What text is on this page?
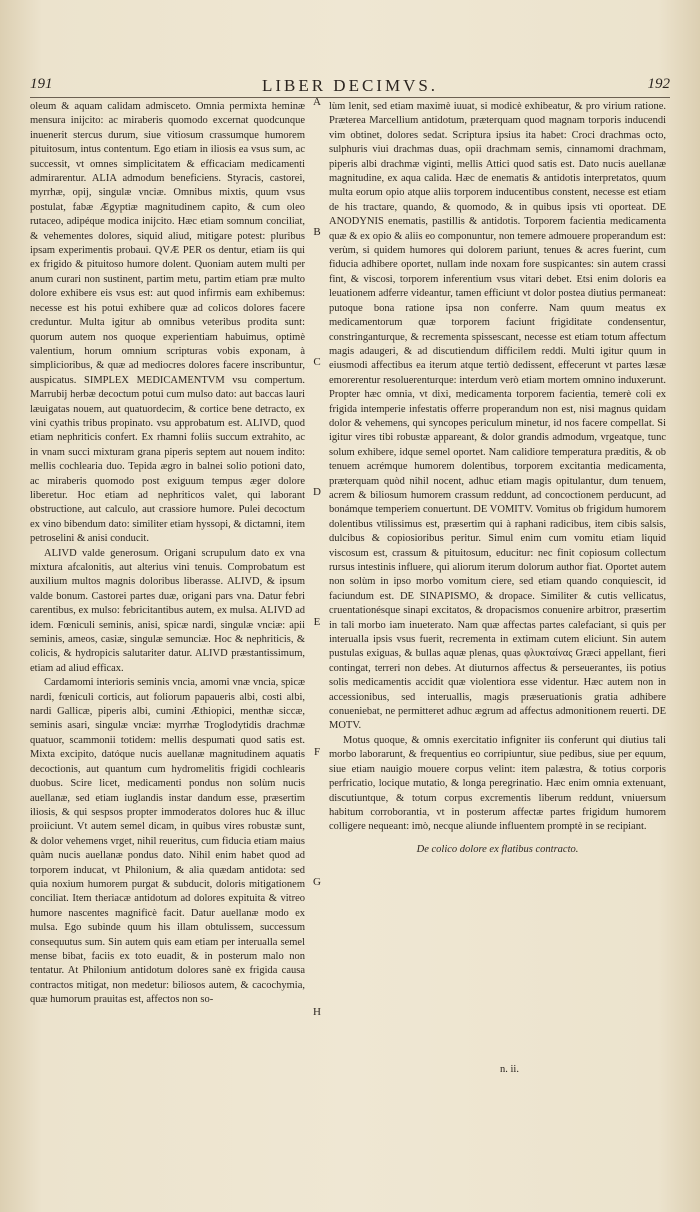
191	LIBER DECIMVS.	192

oleum & aquam calidam admisceto. Omnia permixta heminæ mensura inijcito: ac miraberis quomodo excernat quodcunque inuenerit stercus durum, siue vitiosum crassumque humorem pituitosum, intus contentum. Ego etiam in iliosis ea vsus sum, ac successit, vt omnes simplicitatem & efficaciam medicamenti admirarentur. ALIA admodum beneficiens. Styracis, castorei, myrrhæ, opij, singulæ vnciæ. Omnibus mixtis, quum vsus postulat, fabæ Ægyptiæ magnitudinem capito, & cum oleo rutaceo, adipéque modica inijcito. Hæc etiam somnum conciliat, & vehementes dolores, siquid aliud, mitigare potest: pluribus ipsam experimentis probaui. QVÆ PER os dentur, etiam iis qui ex frigido & pituitoso humore dolent. Quoniam autem multi per anum curari non sustinent, partim metu, partim etiam præ multo dolore exhibere eis vsus est: aut quod infirmis eam exhibemus: necesse est his potui exhibere quæ ad colicos dolores facere creduntur. Multa igitur ab omnibus veteribus prodita sunt: quorum autem nos quoque experientiam habuimus, optimè valentium, horum omnium scripturas vobis exponam, à simplicioribus, & quæ ad mediocres dolores facere inscribuntur, auspicatus. SIMPLEX MEDICAMENTVM vsu compertum. Marrubij herbæ decoctum potui cum mulso dato: aut baccas lauri læuigatas nouem, aut quatuordecim, & cortice bene detracto, ex vini cyathis tribus propinato. vsu approbatum est. ALIVD, quod etiam nephriticis confert. Ex rhamni foliis succum extrahito, ac in vnam succi mixturam grana piperis septem aut nouem indito: mellis cochlearia duo. Tepida ægro in balnei solio potioni dato, ac miraberis quomodo post exiguum tempus æger dolore liberetur. Hoc etiam ad nephriticos valet, qui laborant obstructione, aut calculo, aut crassiore humore. Pulei decoctum ex vino bibendum dato: similiter etiam hyssopi, & dictamni, item petroselini & anisi conducit.

ALIVD valde generosum. Origani scrupulum dato ex vna mixtura afcalonitis, aut alterius vini tenuis. Comprobatum est auxilium multos magnis doloribus liberasse. ALIVD, & ipsum valde bonum. Castorei partes duæ, origani pars vna. Datur febri carentibus, ex mulso: febricitantibus autem, ex mulsa. ALIVD ad idem. Fœniculi seminis, anisi, spicæ nardi, singulæ vnciæ: apii seminis, ameos, casiæ, singulæ semunciæ. Hoc & nephriticis, & colicis, & hydropicis salutariter datur. ALIVD præstantissimum, etiam ad aliud efficax.

Cardamomi interioris seminis vncia, amomi vnæ vncia, spicæ nardi, fœniculi corticis, aut foliorum papaueris albi, costi albi, nardi Gallicæ, piperis albi, cumini Æthiopici, menthæ siccæ, seminis asari, singulæ vnciæ: myrrhæ Troglodytidis drachmæ quatuor, scammonii totidem: mellis despumati quod satis est. Mixta excipito, datóque nucis auellanæ magnitudinem aquatis decoctionis, aut quantum cum hydromelitis frigidi cochlearis duobus. Scire licet, medicamenti pondus non solùm nucis auellanæ, sed etiam iuglandis instar dandum esse, præsertim iliosis, & qui sespsos propter immoderatos dolores huc & illuc proiiciunt. Vt autem semel dicam, in quibus vires robustæ sunt, & dolor vehemens vrget, nihil reueritus, cum fiducia etiam maius quàm nucis auellanæ pondus dato. Nihil enim habet quod ad torporem inducat, vt Philonium, & alia quædam antidota: sed quia noxium humorem purgat & subducit, doloris mitigationem conciliat. Item theriacæ antidotum ad dolores expituita & vitreo humore nascentes magnificè facit. Datur auellanæ modo ex mulsa. Ego subinde quum his illam obtulissem, successum consequutus sum. Sin autem quis eam etiam per interualla semel mense bibat, faciis ex toto euadit, & in posterum malo non tentatur. At Philonium antidotum dolores sanè ex frigida causa contractos mitigat, non medetur: biliosos autem, & cacochymia, quæ humorum prauitas est, affectos non so-

A
B
C
D
E
F
G
H

lùm lenit, sed etiam maximè iuuat, si modicè exhibeatur, & pro virium ratione. Præterea Marcellium antidotum, præterquam quod magnam torporis inducendi vim obtinet, dolores sedat. Scriptura ipsius ita habet: Croci drachmas octo, sulphuris viui drachmas duas, opii drachmam semis, cinnamomi drachmam, piperis albi drachmæ viginti, mellis Attici quod satis est. Dato nucis auellanæ magnitudine, ex aqua calida. Hæc de enematis & antidotis interpretatos, quum multa eorum opio atque aliis torporem inducentibus constent, necesse est etiam de his tractare, quando, & quomodo, & in quibus ipsis vti oporteat. DE ANODYNIS enematis, pastillis & antidotis. Torporem facientia medicamenta quæ & ex opio & aliis eo componuntur, non temere admouere properandum est: verùm, si quidem humores qui dolorem pariunt, tenues & acres fuerint, cum fiducia adhibere oportet, nullam inde noxam fore suspicantes: sin autem crassi fint, & viscosi, torporem inferentium vsus vitari debet. Etsi enim doloris ea leuationem adferre videantur, tamen efficiunt vt dolor postea diutius permaneat: putoque bona ratione ipsa non conferre. Nam quum meatus ex medicamentorum quæ torporem faciunt frigiditate condensentur, constringanturque, & recrementa spissescant, necesse est etiam totum affectum magis adaugeri, & ad discutiendum difficilem reddi. Multi igitur quum in eiusmodi affectibus ea iterum atque tertiò dedissent, effecerunt vt partes læsæ emorerentur resoluerenturque: interdum verò etiam mortem omnino induxerunt. Propter hæc omnia, vt dixi, medicamenta torporem facientia, temerè coli ex frigida intemperie infestatis offerre properandum non est, nisi magnus quidam dolor & vehemens, qui syncopes periculum minetur, id nos facere compellat. Si igitur vires tibi robustæ appareant, & dolor grandis admodum, vrgeatque, tunc solum exhibere, idque semel oportet. Nam calidiore temperatura præditis, & ob tenuem acrémque humorem dolentibus, torporem excitantia medicamenta, præterquam quòd nihil nocent, adhuc etiam magis opitulantur, dum tenuem, acrem & biliosum humorem crassum reddunt, ad concoctionem perducunt, ad bonámque temperiem conuertunt. DE VOMITV. Vomitus ob frigidum humorem dolentibus vtilissimus est, præsertim qui à raphani radicibus, item cibis salsis, dulcibus & copiosioribus peritur. Simul enim cum vomitu etiam liquid viscosum est, crassum & pituitosum, educitur: nec finit copiosum collectum rursus intestinis influere, qui aliorum iterum dolorum author fiat. Oportet autem non solùm in ipso morbo vomitum ciere, sed etiam quando conquiescit, id faciundum est. DE SINAPISMO, & dropace. Similiter & cutis vellicatus, cruentationésque sinapi excitatos, & dropacismos conuenire arbitror, præsertim in tali morbo iam inueterato. Nam quæ affectas partes calefaciant, si quis per interualla ipsis vsus fuerit, recrementa in extimam cutem eliciunt. Sin autem pustulas exiguas, & bullas aquæ plenas, quas φλυκταίνας Græci appellant, fieri contingat, terreri non debes. At diuturnos affectus & perseuerantes, iis potius solis medicamentis accidit quæ violentiora esse videntur. Hæc autem non in accessionibus, sed interuallis, magis præseruationis gratia adhibere conueniebat, ne permitteret adhuc ægrum ad affectus admonitionem reuerti. DE MOTV.

Motus quoque, & omnis exercitatio infigniter iis conferunt qui diutius tali morbo laborarunt, & frequentius eo corripiuntur, siue pedibus, siue per equum, siue etiam nauigio mouere corpus velint: item palæstra, & totius corporis perfricatio, locique mutatio, & longa peregrinatio. Hæc enim omnia extenuant, discutiuntque, & totum corpus excrementis liberum reddunt, vniuersum habitum corroborantia, vt in posterum affectæ partes frigidum humorem colligere nequeant: imò, necque aliunde influentem promptè in se recipiant.

De colico dolore ex flatibus contracto.

n. ii.
